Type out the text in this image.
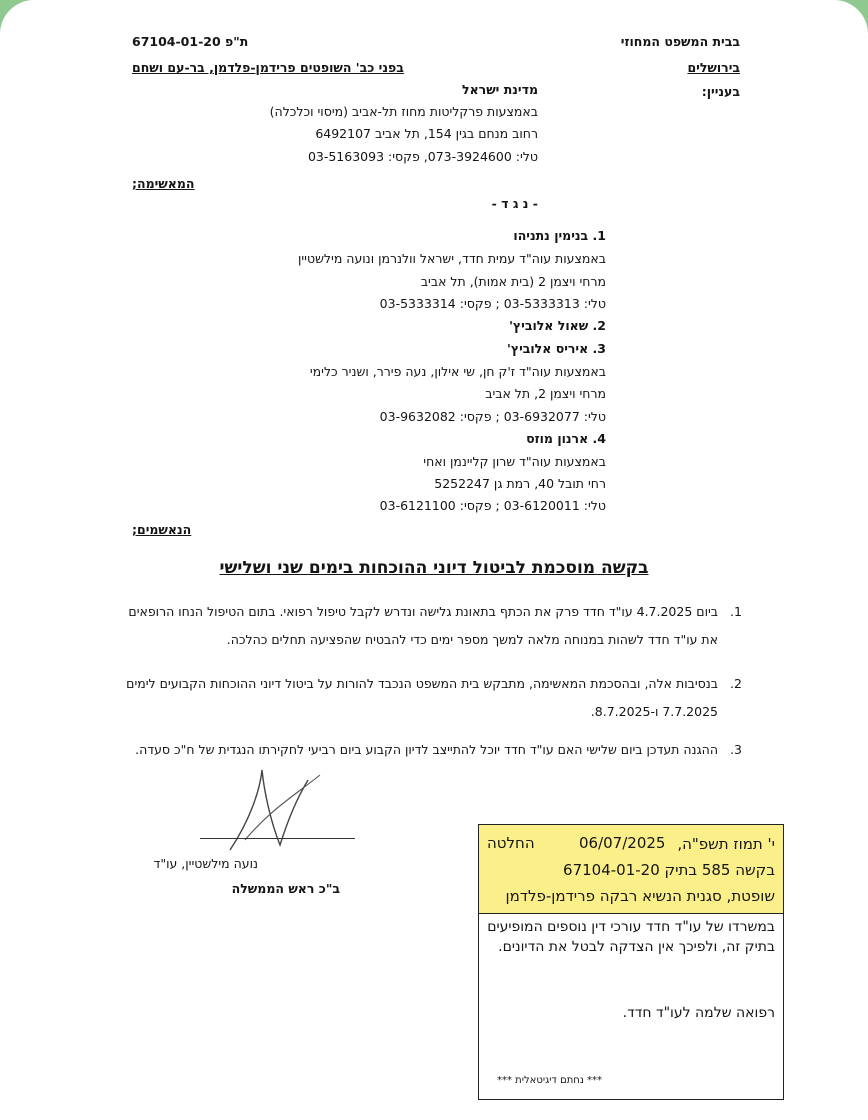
בבית המשפט המחוזי
בירושלים
ת"פ 67104-01-20
בפני כב' השופטים פרידמן-פלדמן, בר-עם ושחם
בעניין:
מדינת ישראל
באמצעות פרקליטות מחוז תל-אביב (מיסוי וכלכלה)
רחוב מנחם בגין 154, תל אביב 6492107
טלי: 073-3924600, פקסי: 03-5163093
המאשימה;
- נ ג ד -
1. בנימין נתניהו
באמצעות עוה"ד עמית חדד, ישראל וולנרמן ונועה מילשטיין
מרחי ויצמן 2 (בית אמות), תל אביב
טלי: 03-5333313 ; פקסי: 03-5333314
2. שאול אלוביץ'
3. איריס אלוביץ'
באמצעות עוה"ד ז'ק חן, שי אילון, נעה פירר, ושניר כלימי
מרחי ויצמן 2, תל אביב
טלי: 03-6932077 ; פקסי: 03-9632082
4. ארנון מוזס
באמצעות עוה"ד שרון קליינמן ואחי
רחי תובל 40, רמת גן 5252247
טלי: 03-6120011 ; פקסי: 03-6121100
הנאשמים;
בקשה מוסכמת לביטול דיוני ההוכחות בימים שני ושלישי
.1
ביום 4.7.2025 עו"ד חדד פרק את הכתף בתאונת גלישה ונדרש לקבל טיפול רפואי. בתום הטיפול הנחו הרופאים את עו"ד חדד לשהות במנוחה מלאה למשך מספר ימים כדי להבטיח שהפציעה תחלים כהלכה.
.2
בנסיבות אלה, ובהסכמת המאשימה, מתבקש בית המשפט הנכבד להורות על ביטול דיוני ההוכחות הקבועים לימים 7.7.2025 ו-8.7.2025.
.3
ההגנה תעדכן ביום שלישי האם עו"ד חדד יוכל להתייצב לדיון הקבוע ביום רביעי לחקירתו הנגדית של ח"כ סעדה.
נועה מילשטיין, עו"ד
ב"כ ראש הממשלה
י' תמוז תשפ"ה,
06/07/2025
החלטה
בקשה 585 בתיק 67104-01-20
שופטת, סגנית הנשיא רבקה פרידמן-פלדמן
במשרדו של עו"ד חדד עורכי דין נוספים המופיעים בתיק זה, ולפיכך אין הצדקה לבטל את הדיונים.
רפואה שלמה לעו"ד חדד.
*** נחתם דיגיטאלית ***
